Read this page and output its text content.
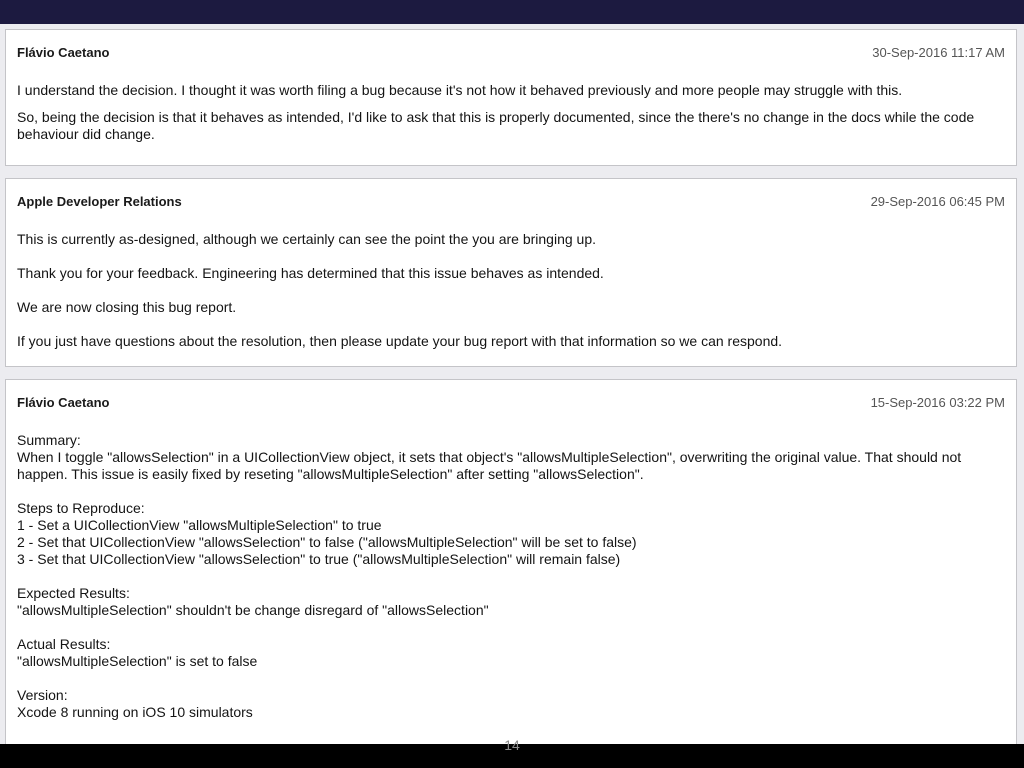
Flávio Caetano	30-Sep-2016 11:17 AM

I understand the decision. I thought it was worth filing a bug because it's not how it behaved previously and more people may struggle with this.

So, being the decision is that it behaves as intended, I'd like to ask that this is properly documented, since the there's no change in the docs while the code behaviour did change.

Apple Developer Relations	29-Sep-2016 06:45 PM

This is currently as-designed, although we certainly can see the point the you are bringing up.

Thank you for your feedback. Engineering has determined that this issue behaves as intended.

We are now closing this bug report.

If you just have questions about the resolution, then please update your bug report with that information so we can respond.

Flávio Caetano	15-Sep-2016 03:22 PM
Summary:
When I toggle "allowsSelection" in a UICollectionView object, it sets that object's "allowsMultipleSelection", overwriting the original value. That should not happen. This issue is easily fixed by reseting "allowsMultipleSelection" after setting "allowsSelection".
Steps to Reproduce:
1 - Set a UICollectionView "allowsMultipleSelection" to true
2 - Set that UICollectionView "allowsSelection" to false ("allowsMultipleSelection" will be set to false)
3 - Set that UICollectionView "allowsSelection" to true ("allowsMultipleSelection" will remain false)
Expected Results:
"allowsMultipleSelection" shouldn't be change disregard of "allowsSelection"
Actual Results:
"allowsMultipleSelection" is set to false
Version:
Xcode 8 running on iOS 10 simulators
14
